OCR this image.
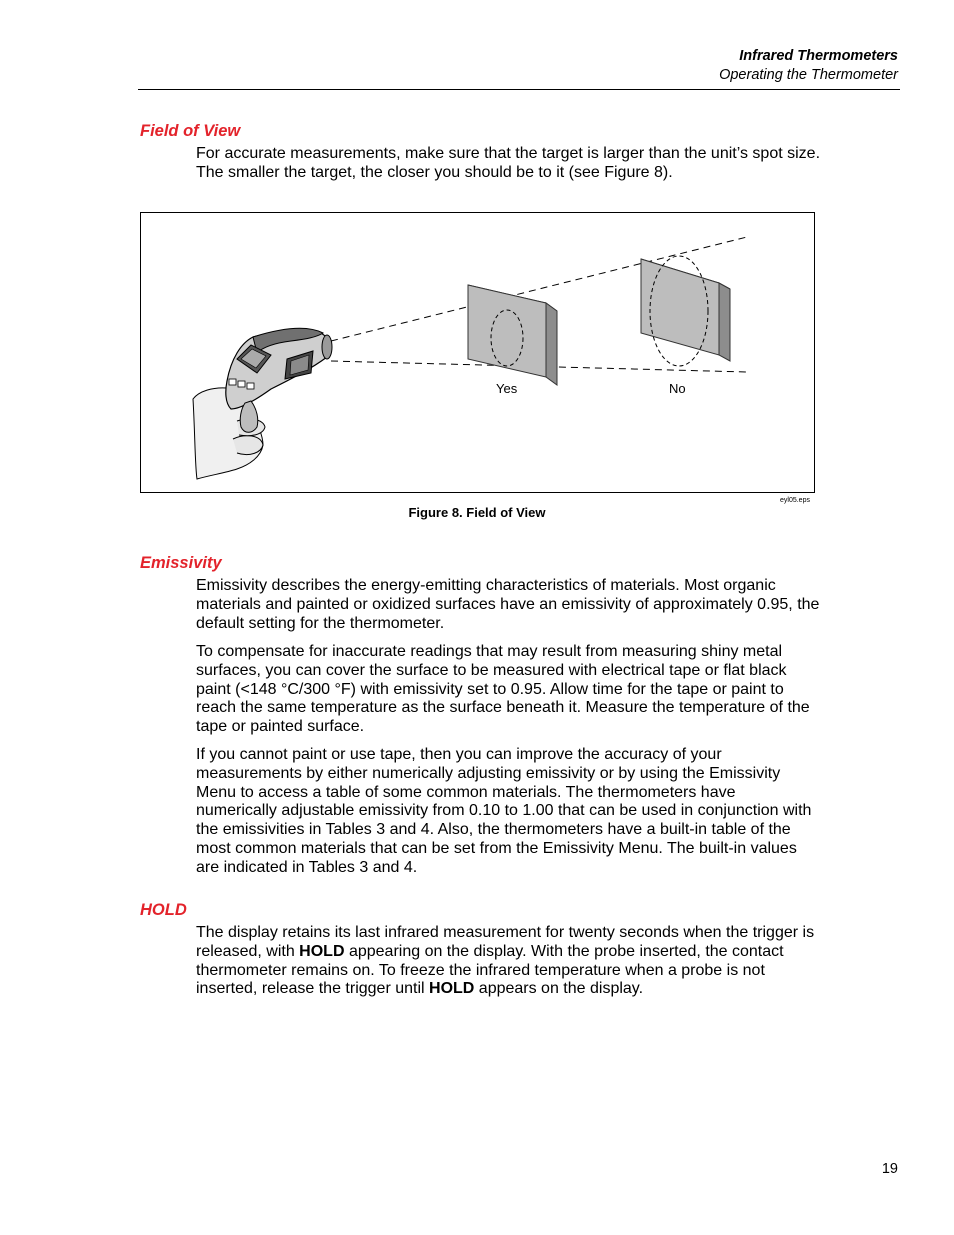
Infrared Thermometers
Operating the Thermometer
Field of View

For accurate measurements, make sure that the target is larger than the unit’s spot size. The smaller the target, the closer you should be to it (see Figure 8).

Yes	No
eyl05.eps
Figure 8. Field of View
Emissivity

Emissivity describes the energy-emitting characteristics of materials. Most organic materials and painted or oxidized surfaces have an emissivity of approximately 0.95, the default setting for the thermometer.

To compensate for inaccurate readings that may result from measuring shiny metal surfaces, you can cover the surface to be measured with electrical tape or flat black paint (<148 °C/300 °F) with emissivity set to 0.95. Allow time for the tape or paint to reach the same temperature as the surface beneath it. Measure the temperature of the tape or painted surface.

If you cannot paint or use tape, then you can improve the accuracy of your measurements by either numerically adjusting emissivity or by using the Emissivity Menu to access a table of some common materials. The thermometers have numerically adjustable emissivity from 0.10 to 1.00 that can be used in conjunction with the emissivities in Tables 3 and 4. Also, the thermometers have a built-in table of the most common materials that can be set from the Emissivity Menu. The built-in values are indicated in Tables 3 and 4.

HOLD

The display retains its last infrared measurement for twenty seconds when the trigger is released, with HOLD appearing on the display. With the probe inserted, the contact thermometer remains on. To freeze the infrared temperature when a probe is not inserted, release the trigger until HOLD appears on the display.

19
